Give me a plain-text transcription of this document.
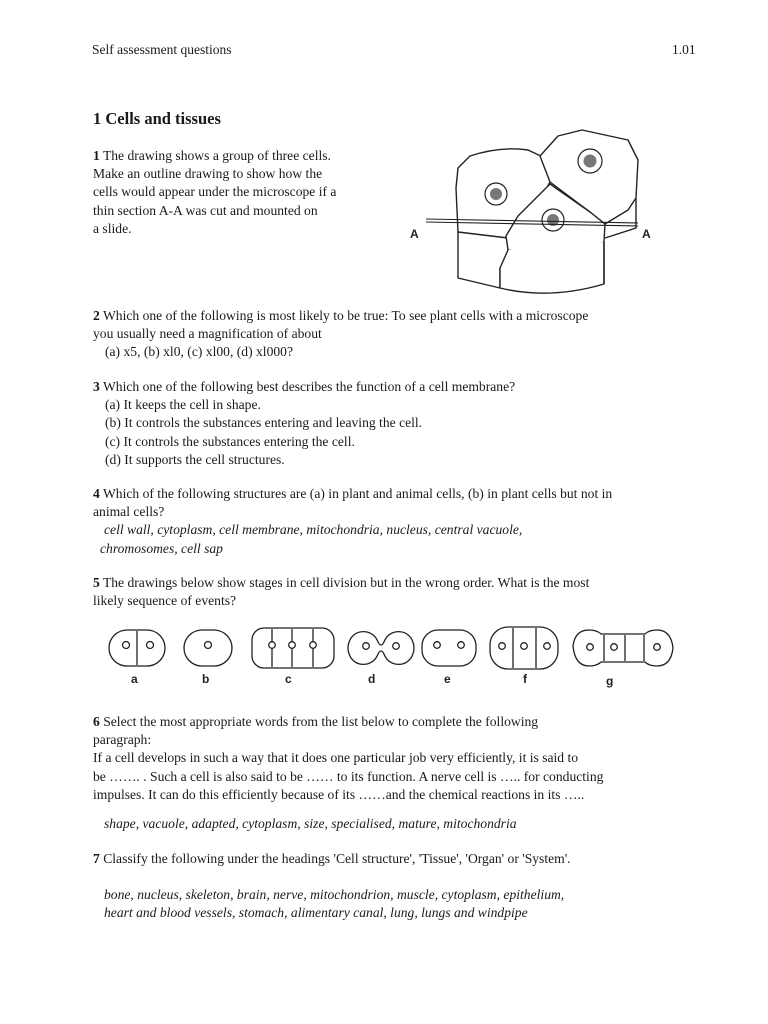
Self assessment questions	1.01
1 Cells and tissues

1 The drawing shows a group of three cells.

Make an outline drawing to show how the

cells would appear under the microscope if a

thin section A-A was cut and mounted on

a slide.	A	A

2 Which one of the following is most likely to be true: To see plant cells with a microscope

you usually need a magnification of about

(a) x5, (b) xl0, (c) xl00, (d) xl000?

3 Which one of the following best describes the function of a cell membrane?

(a) It keeps the cell in shape.

(b) It controls the substances entering and leaving the cell.

(c) It controls the substances entering the cell.

(d) It supports the cell structures.

4 Which of the following structures are (a) in plant and animal cells, (b) in plant cells but not in

animal cells?

cell wall, cytoplasm, cell membrane, mitochondria, nucleus, central vacuole,

chromosomes, cell sap

5 The drawings below show stages in cell division but in the wrong order. What is the most

likely sequence of events?

a	b	c	d	e	f	g

6 Select the most appropriate words from the list below to complete the following

paragraph:

If a cell develops in such a way that it does one particular job very efficiently, it is said to

be ……. . Such a cell is also said to be …… to its function. A nerve cell is ….. for conducting

impulses. It can do this efficiently because of its ……and the chemical reactions in its …..

shape, vacuole, adapted, cytoplasm, size, specialised, mature, mitochondria

7 Classify the following under the headings 'Cell structure', 'Tissue', 'Organ' or 'System'.

bone, nucleus, skeleton, brain, nerve, mitochondrion, muscle, cytoplasm, epithelium,
heart and blood vessels, stomach, alimentary canal, lung, lungs and windpipe
